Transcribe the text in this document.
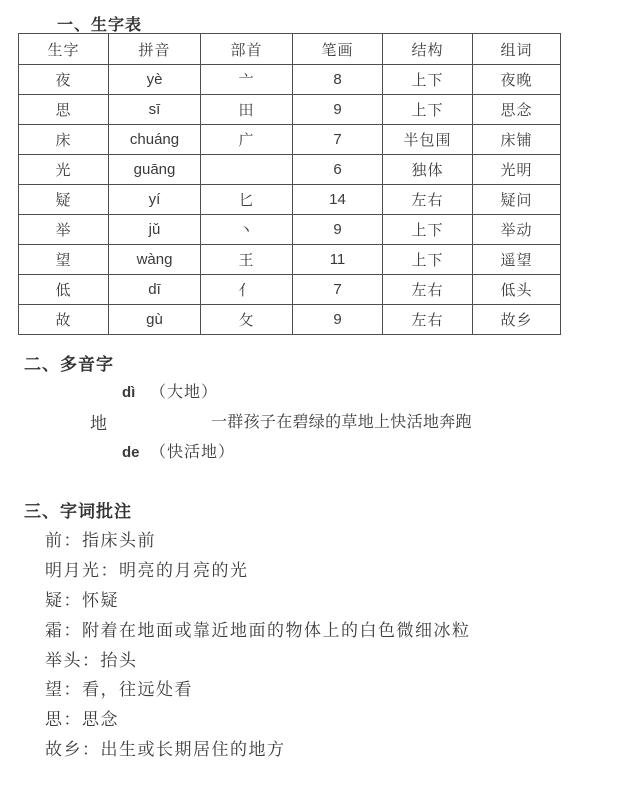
一、生字表
生字	拼音	部首	笔画	结构	组词
夜	yè	亠	8	上下	夜晚
思	sī	田	9	上下	思念
床	chuáng	广	7	半包围	床铺
光	guāng		6	独体	光明
疑	yí	匕	14	左右	疑问
举	jǔ	丶	9	上下	举动
望	wàng	王	11	上下	遥望
低	dī	亻	7	左右	低头
故	gù	攵	9	左右	故乡
二、多音字
dì （大地）
地	一群孩子在碧绿的草地上快活地奔跑
de （快活地）
三、字词批注
前：指床头前
明月光：明亮的月亮的光
疑：怀疑
霜：附着在地面或靠近地面的物体上的白色微细冰粒
举头：抬头
望：看，往远处看
思：思念
故乡：出生或长期居住的地方
